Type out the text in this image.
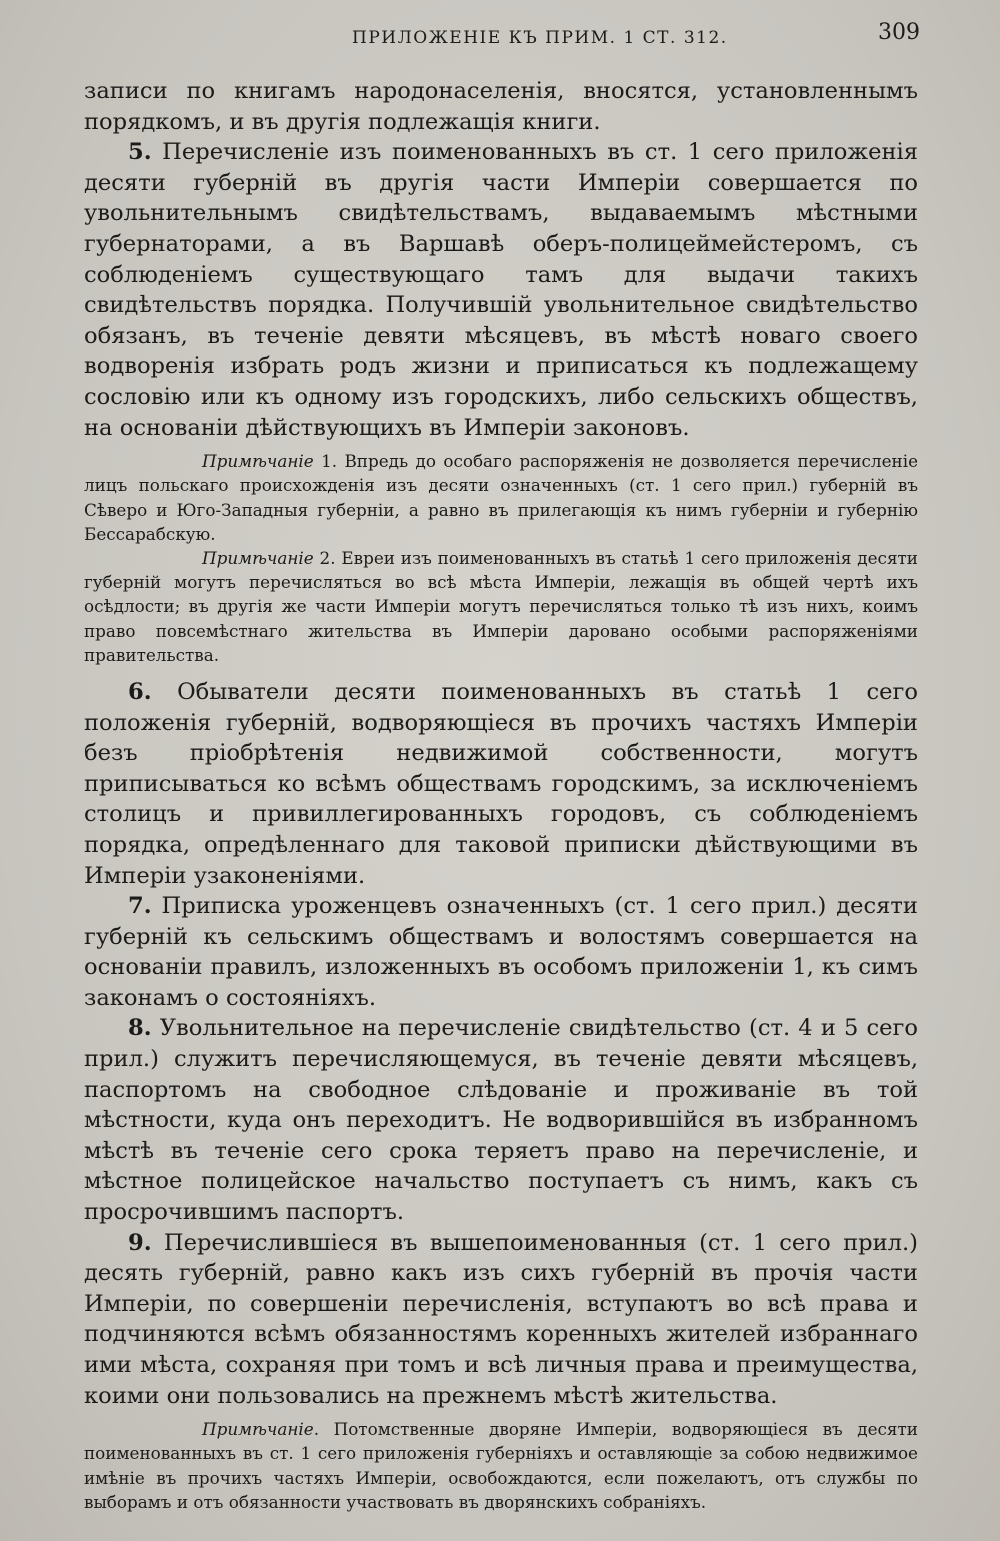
ПРИЛОЖЕНІЕ КЪ ПРИМ. 1 СТ. 312.	309

записи по книгамъ народонаселенія, вносятся, установленнымъ порядкомъ, и въ другія подлежащія книги.

5. Перечисленіе изъ поименованныхъ въ ст. 1 сего приложенія десяти губерній въ другія части Имперіи совершается по увольнительнымъ свидѣтельствамъ, выдаваемымъ мѣстными губернаторами, а въ Варшавѣ оберъ-полицеймейстеромъ, съ соблюденіемъ существующаго тамъ для выдачи такихъ свидѣтельствъ порядка. Получившій увольнительное свидѣтельство обязанъ, въ теченіе девяти мѣсяцевъ, въ мѣстѣ новаго своего водворенія избрать родъ жизни и приписаться къ подлежащему сословію или къ одному изъ городскихъ, либо сельскихъ обществъ, на основаніи дѣйствующихъ въ Имперіи законовъ.

Примѣчаніе 1. Впредь до особаго распоряженія не дозволяется перечисленіе лицъ польскаго происхожденія изъ десяти означенныхъ (ст. 1 сего прил.) губерній въ Сѣверо и Юго-Западныя губерніи, а равно въ прилегающія къ нимъ губерніи и губернію Бессарабскую.

Примѣчаніе 2. Евреи изъ поименованныхъ въ статьѣ 1 сего приложенія десяти губерній могутъ перечисляться во всѣ мѣста Имперіи, лежащія въ общей чертѣ ихъ осѣдлости; въ другія же части Имперіи могутъ перечисляться только тѣ изъ нихъ, коимъ право повсемѣстнаго жительства въ Имперіи даровано особыми распоряженіями правительства.

6. Обыватели десяти поименованныхъ въ статьѣ 1 сего положенія губерній, водворяющіеся въ прочихъ частяхъ Имперіи безъ пріобрѣтенія недвижимой собственности, могутъ приписываться ко всѣмъ обществамъ городскимъ, за исключеніемъ столицъ и привиллегированныхъ городовъ, съ соблюденіемъ порядка, опредѣленнаго для таковой приписки дѣйствующими въ Имперіи узаконеніями.

7. Приписка уроженцевъ означенныхъ (ст. 1 сего прил.) десяти губерній къ сельскимъ обществамъ и волостямъ совершается на основаніи правилъ, изложенныхъ въ особомъ приложеніи 1, къ симъ законамъ о состояніяхъ.

8. Увольнительное на перечисленіе свидѣтельство (ст. 4 и 5 сего прил.) служитъ перечисляющемуся, въ теченіе девяти мѣсяцевъ, паспортомъ на свободное слѣдованіе и проживаніе въ той мѣстности, куда онъ переходитъ. Не водворившійся въ избранномъ мѣстѣ въ теченіе сего срока теряетъ право на перечисленіе, и мѣстное полицейское начальство поступаетъ съ нимъ, какъ съ просрочившимъ паспортъ.

9. Перечислившіеся въ вышепоименованныя (ст. 1 сего прил.) десять губерній, равно какъ изъ сихъ губерній въ прочія части Имперіи, по совершеніи перечисленія, вступаютъ во всѣ права и подчиняются всѣмъ обязанностямъ коренныхъ жителей избраннаго ими мѣста, сохраняя при томъ и всѣ личныя права и преимущества, коими они пользовались на прежнемъ мѣстѣ жительства.

Примѣчаніе. Потомственные дворяне Имперіи, водворяющіеся въ десяти поименованныхъ въ ст. 1 сего приложенія губерніяхъ и оставляющіе за собою недвижимое имѣніе въ прочихъ частяхъ Имперіи, освобождаются, если пожелаютъ, отъ службы по выборамъ и отъ обязанности участвовать въ дворянскихъ собраніяхъ.
